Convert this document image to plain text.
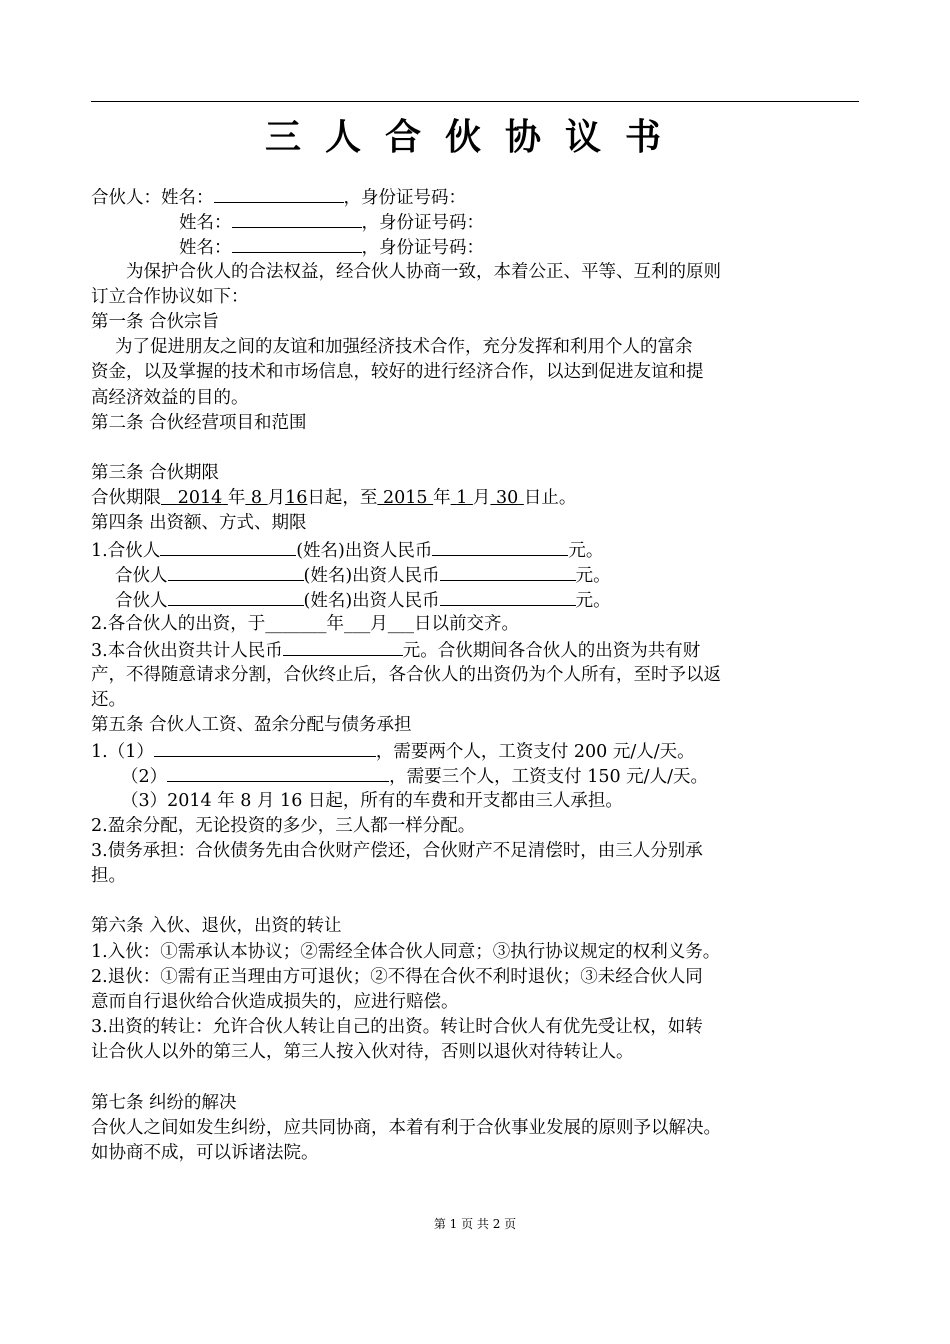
三人合伙协议书
合伙人：姓名：	，身份证号码：
姓名：	，身份证号码：
姓名：	，身份证号码：
为保护合伙人的合法权益，经合伙人协商一致，本着公正、平等、互利的原则
订立合作协议如下：
第一条 合伙宗旨
为了促进朋友之间的友谊和加强经济技术合作，充分发挥和利用个人的富余
资金，以及掌握的技术和市场信息，较好的进行经济合作，以达到促进友谊和提
高经济效益的目的。
第二条 合伙经营项目和范围
第三条 合伙期限
合伙期限 2014 年 8 月16日起，至 2015 年 1 月 30 日止。
第四条 出资额、方式、期限
1.合伙人	(姓名)出资人民币	元。
合伙人	(姓名)出资人民币	元。
合伙人	(姓名)出资人民币	元。
2.各合伙人的出资，于_______年___月___日以前交齐。
3.本合伙出资共计人民币	元。合伙期间各合伙人的出资为共有财
产，不得随意请求分割，合伙终止后，各合伙人的出资仍为个人所有，至时予以返
还。
第五条 合伙人工资、盈余分配与债务承担
1.（1）	，需要两个人，工资支付 200 元/人/天。
（2）	，需要三个人，工资支付 150 元/人/天。
（3）2014 年 8 月 16 日起，所有的车费和开支都由三人承担。
2.盈余分配，无论投资的多少，三人都一样分配。
3.债务承担：合伙债务先由合伙财产偿还，合伙财产不足清偿时，由三人分别承
担。
第六条 入伙、退伙，出资的转让
1.入伙：①需承认本协议；②需经全体合伙人同意；③执行协议规定的权利义务。
2.退伙：①需有正当理由方可退伙；②不得在合伙不利时退伙；③未经合伙人同
意而自行退伙给合伙造成损失的，应进行赔偿。
3.出资的转让：允许合伙人转让自己的出资。转让时合伙人有优先受让权，如转
让合伙人以外的第三人，第三人按入伙对待，否则以退伙对待转让人。
第七条 纠纷的解决
合伙人之间如发生纠纷，应共同协商，本着有利于合伙事业发展的原则予以解决。
如协商不成，可以诉诸法院。
第 1 页 共 2 页
